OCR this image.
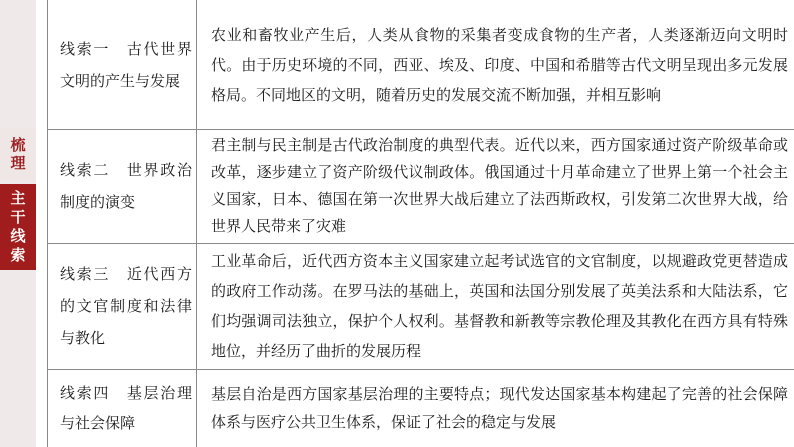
梳
理
主
干
线
索
线索一　古代世界文明的产生与发展
农业和畜牧业产生后，人类从食物的采集者变成食物的生产者，人类逐渐迈向文明时代。由于历史环境的不同，西亚、埃及、印度、中国和希腊等古代文明呈现出多元发展格局。不同地区的文明，随着历史的发展交流不断加强，并相互影响
线索二　世界政治制度的演变
君主制与民主制是古代政治制度的典型代表。近代以来，西方国家通过资产阶级革命或改革，逐步建立了资产阶级代议制政体。俄国通过十月革命建立了世界上第一个社会主义国家，日本、德国在第一次世界大战后建立了法西斯政权，引发第二次世界大战，给世界人民带来了灾难
线索三　近代西方的文官制度和法律与教化
工业革命后，近代西方资本主义国家建立起考试选官的文官制度，以规避政党更替造成的政府工作动荡。在罗马法的基础上，英国和法国分别发展了英美法系和大陆法系，它们均强调司法独立，保护个人权利。基督教和新教等宗教伦理及其教化在西方具有特殊地位，并经历了曲折的发展历程
线索四　基层治理与社会保障
基层自治是西方国家基层治理的主要特点；现代发达国家基本构建起了完善的社会保障体系与医疗公共卫生体系，保证了社会的稳定与发展
